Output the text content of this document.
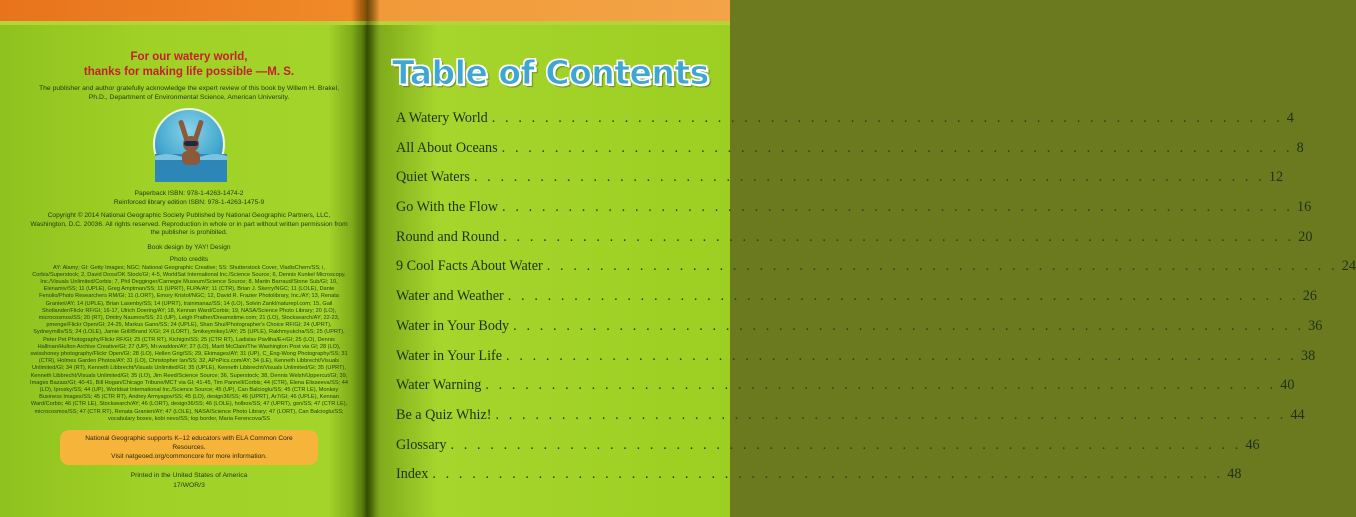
For our watery world,
thanks for making life possible —M. S.
The publisher and author gratefully acknowledge the expert review of this book by Willem H. Brakel, Ph.D., Department of Environmental Science, American University.
Paperback ISBN: 978-1-4263-1474-2
Reinforced library edition ISBN: 978-1-4263-1475-9
Copyright © 2014 National Geographic Society Published by National Geographic Partners, LLC, Washington, D.C. 20036. All rights reserved. Reproduction in whole or in part without written permission from the publisher is prohibited.
Book design by YAY! Design
Photo credits
AY: Alamy; GI: Getty Images; NGC: National Geographic Creative; SS: Shutterstock Cover, VladisChern/SS; i, Corbis/Superstock; 2, David Doss/OK Stock/GI; 4-5, WorldSat International Inc./Science Source; 6, Dennis Kunkel Microscopy, Inc./Visuals Unlimited/Corbis; 7, Phil Degginger/Carnegie Museum/Science Source; 8, Martin Barraud/Stone Sub/GI; 10, Elenamiv/SS; 11 (UPLE), Greg Amptman/SS; 11 (UPRT), FLPA/AY; 11 (CTR), Brian J. Skerry/NGC; 11 (LOLE), Dante Fenolio/Photo Researchers RM/GI; 11 (LORT), Emory Kristof/NGC; 12, David R. Frazier Photolibrary, Inc./AY; 13, Renata Granieri/AY; 14 (UPLE), Brian Lasenby/SS; 14 (UPRT), trainmanaz/SS; 14 (LO), Solvin Zankl/naturepl.com; 15, Gail Shotlander/Flickr RF/GI; 16-17, Ulrich Doering/AY; 18, Kennan Ward/Corbis; 19, NASA/Science Photo Library; 20 (LO), microcosmos/SS; 20 (RT), Dmitry Naumov/SS; 21 (UP), Leigh Prather/Dreamstime.com; 21 (LO), Stocksearch/AY; 22-23, pmenge/Flickr Open/GI; 24-25, Markus Gann/SS; 24 (UPLE), Shan Shui/Photographer's Choice RF/GI; 24 (UPRT), Sydneymills/SS; 24 (LOLE), Jamie Grill/Brand X/GI; 24 (LORT), Smikeymikey1/AY; 25 (UPLE), Rakhmyukcha/SS; 25 (UPRT), Peter Pet Photography/Flickr RF/GI; 25 (CTR RT), Kichigin/SS; 25 (CTR RT), Ladislav Pavliha/E+/GI; 25 (LO), Dennis Hallinan/Hulton Archive Creative/GI; 27 (UP), Mr.waddon/AY; 27 (LO), Marit McClain/The Washington Post via GI; 28 (LO), swisshoney photography/Flickr Open/GI; 28 (LO), Hellen Grig/SS; 29, Ekimages/AY; 31 (UP), C_Eng-Wong Photography/SS; 31 (CTR), Holmes Garden Photos/AY; 31 (LO), Christopher Ian/SS; 32, APnPics.com/AY; 34 (LE), Kenneth Libbrecht/Visuals Unlimited/GI; 34 (RT), Kenneth Libbrecht/Visuals Unlimited/GI; 35 (UPLE), Kenneth Libbrecht/Visuals Unlimited/GI; 35 (UPRT), Kenneth Libbrecht/Visuals Unlimited/GI; 35 (LO), Jim Reed/Science Source; 36, Superstock; 38, Dennis Welsh/Uppercut/GI; 39, Images Bazaar/GI; 40-41, Bill Hogan/Chicago Tribune/MCT via GI; 41-45, Tim Pannell/Corbis; 44 (CTR), Elena Elisseeva/SS; 44 (LO), Iprosky/SS; 44 (UP), Worldsat International Inc./Science Source; 45 (UP), Can Balcioglu/SS; 45 (CTR LE), Monkey Business Images/SS; 45 (CTR RT), Andrey Armyagov/SS; 45 (LO), design36/SS; 46 (UPRT), Ar7/GI; 46 (UPLE), Kennan Ward/Corbis; 46 (CTR LE), Stocksearch/AY; 46 (LORT), design36/SS; 46 (LOLE), holbox/SS; 47 (UPRT), gsn/SS; 47 (CTR LE), microcosmos/SS; 47 (CTR RT), Renata Granieri/AY; 47 (LOLE), NASA/Science Photo Library; 47 (LORT), Can Balcioglu/SS; vocabulary boxes, kobi nevo/SS; top border, Maria Ferencova/SS
National Geographic supports K–12 educators with ELA Common Core Resources.
Visit natgeoed.org/commoncore for more information.
Printed in the United States of America
17/WOR/3
Table of Contents
A Watery World . . . . . . . . . . . . . . . . . . . . . . . . . . . . . . . . . . . . . . . . . . . . . . . . . . . . . . . . . . . . 4
All About Oceans . . . . . . . . . . . . . . . . . . . . . . . . . . . . . . . . . . . . . . . . . . . . . . . . . . . . . . . . . . . . 8
Quiet Waters . . . . . . . . . . . . . . . . . . . . . . . . . . . . . . . . . . . . . . . . . . . . . . . . . . . . . . . . . . . . 12
Go With the Flow . . . . . . . . . . . . . . . . . . . . . . . . . . . . . . . . . . . . . . . . . . . . . . . . . . . . . . . . . . . . 16
Round and Round . . . . . . . . . . . . . . . . . . . . . . . . . . . . . . . . . . . . . . . . . . . . . . . . . . . . . . . . . . . . 20
9 Cool Facts About Water . . . . . . . . . . . . . . . . . . . . . . . . . . . . . . . . . . . . . . . . . . . . . . . . . . . . . . . . . . . . 24
Water and Weather . . . . . . . . . . . . . . . . . . . . . . . . . . . . . . . . . . . . . . . . . . . . . . . . . . . . . . . . . . . . 26
Water in Your Body . . . . . . . . . . . . . . . . . . . . . . . . . . . . . . . . . . . . . . . . . . . . . . . . . . . . . . . . . . . . 36
Water in Your Life . . . . . . . . . . . . . . . . . . . . . . . . . . . . . . . . . . . . . . . . . . . . . . . . . . . . . . . . . . . . 38
Water Warning . . . . . . . . . . . . . . . . . . . . . . . . . . . . . . . . . . . . . . . . . . . . . . . . . . . . . . . . . . . . 40
Be a Quiz Whiz! . . . . . . . . . . . . . . . . . . . . . . . . . . . . . . . . . . . . . . . . . . . . . . . . . . . . . . . . . . . . 44
Glossary . . . . . . . . . . . . . . . . . . . . . . . . . . . . . . . . . . . . . . . . . . . . . . . . . . . . . . . . . . . . 46
Index . . . . . . . . . . . . . . . . . . . . . . . . . . . . . . . . . . . . . . . . . . . . . . . . . . . . . . . . . . . . 48
